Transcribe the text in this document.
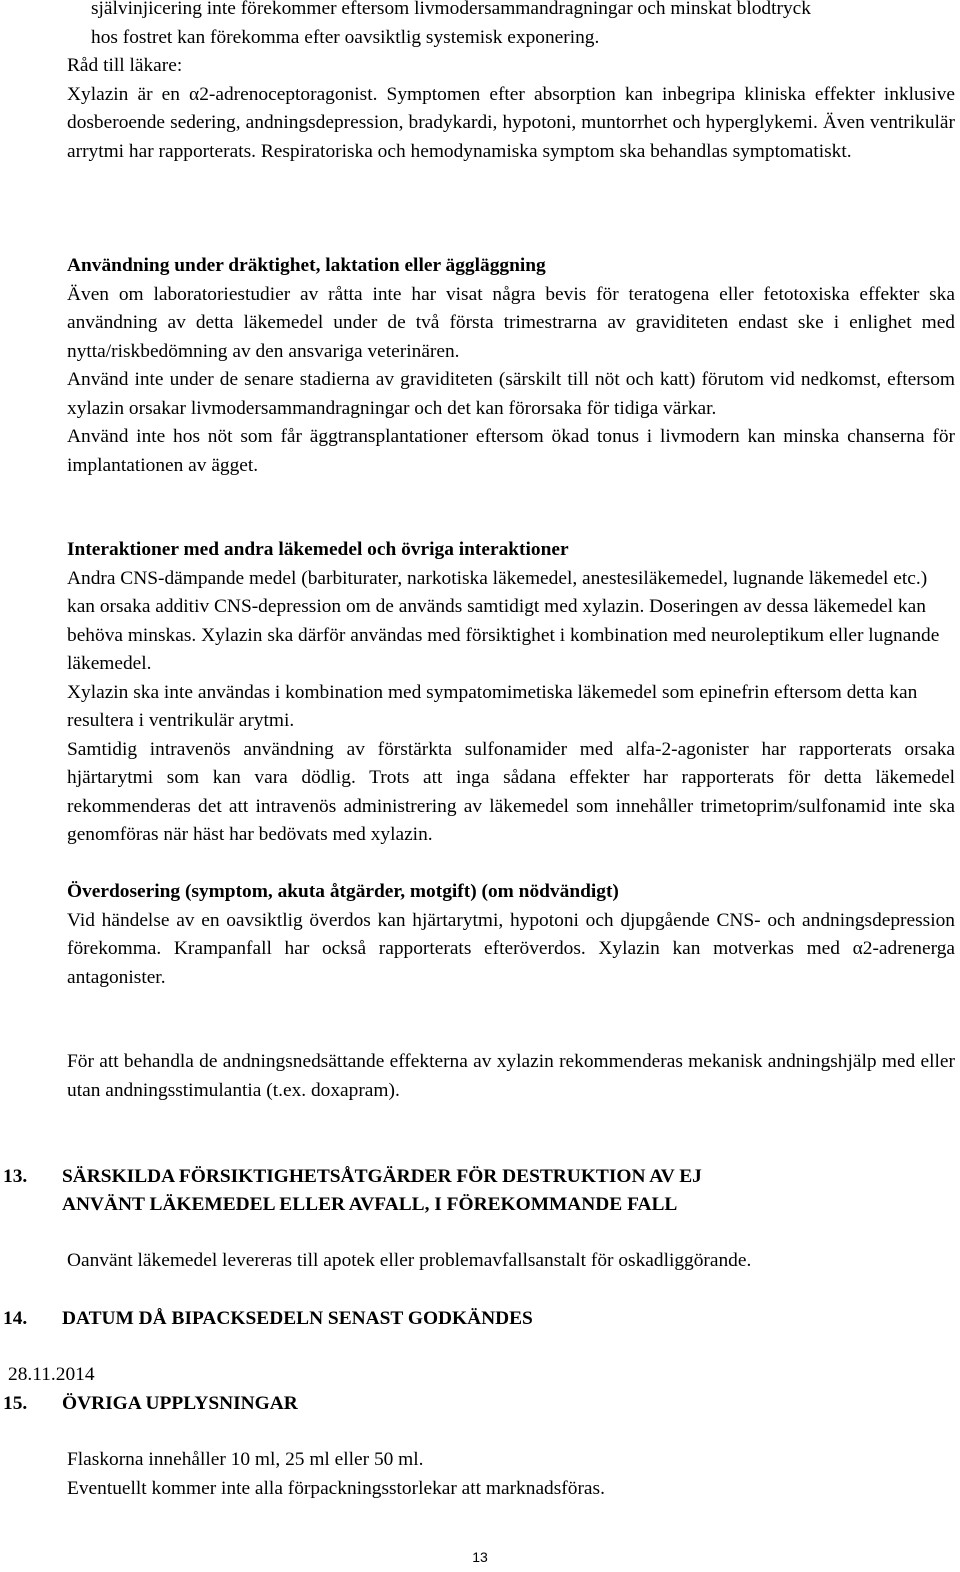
självinjicering inte förekommer eftersom livmodersammandragningar och minskat blodtryck

hos fostret kan förekomma efter oavsiktlig systemisk exponering.

Råd till läkare:

Xylazin är en α2-adrenoceptoragonist. Symptomen efter absorption kan inbegripa kliniska effekter inklusive dosberoende sedering, andningsdepression, bradykardi, hypotoni, muntorrhet och hyperglykemi. Även ventrikulär arrytmi har rapporterats. Respiratoriska och hemodynamiska symptom ska behandlas symptomatiskt.

Användning under dräktighet, laktation eller äggläggning

Även om laboratoriestudier av råtta inte har visat några bevis för teratogena eller fetotoxiska effekter ska användning av detta läkemedel under de två första trimestrarna av graviditeten endast ske i enlighet med nytta/riskbedömning av den ansvariga veterinären.

Använd inte under de senare stadierna av graviditeten (särskilt till nöt och katt) förutom vid nedkomst, eftersom xylazin orsakar livmodersammandragningar och det kan förorsaka för tidiga värkar.

Använd inte hos nöt som får äggtransplantationer eftersom ökad tonus i livmodern kan minska chanserna för implantationen av ägget.

Interaktioner med andra läkemedel och övriga interaktioner

Andra CNS-dämpande medel (barbiturater, narkotiska läkemedel, anestesiläkemedel, lugnande läkemedel etc.) kan orsaka additiv CNS-depression om de används samtidigt med xylazin. Doseringen av dessa läkemedel kan behöva minskas. Xylazin ska därför användas med försiktighet i kombination med neuroleptikum eller lugnande läkemedel.

Xylazin ska inte användas i kombination med sympatomimetiska läkemedel som epinefrin eftersom detta kan resultera i ventrikulär arytmi.

Samtidig intravenös användning av förstärkta sulfonamider med alfa-2-agonister har rapporterats orsaka hjärtarytmi som kan vara dödlig. Trots att inga sådana effekter har rapporterats för detta läkemedel rekommenderas det att intravenös administrering av läkemedel som innehåller trimetoprim/sulfonamid inte ska genomföras när häst har bedövats med xylazin.

Överdosering (symptom, akuta åtgärder, motgift) (om nödvändigt)

Vid händelse av en oavsiktlig överdos kan hjärtarytmi, hypotoni och djupgående CNS- och andningsdepression förekomma. Krampanfall har också rapporterats efteröverdos. Xylazin kan motverkas med α2-adrenerga antagonister.

För att behandla de andningsnedsättande effekterna av xylazin rekommenderas mekanisk andningshjälp med eller utan andningsstimulantia (t.ex. doxapram).

13. SÄRSKILDA FÖRSIKTIGHETSÅTGÄRDER FÖR DESTRUKTION AV EJ
ANVÄNT LÄKEMEDEL ELLER AVFALL, I FÖREKOMMANDE FALL

Oanvänt läkemedel levereras till apotek eller problemavfallsanstalt för oskadliggörande.

14. DATUM DÅ BIPACKSEDELN SENAST GODKÄNDES
28.11.2014
15. ÖVRIGA UPPLYSNINGAR

Flaskorna innehåller 10 ml, 25 ml eller 50 ml.

Eventuellt kommer inte alla förpackningsstorlekar att marknadsföras.

13
